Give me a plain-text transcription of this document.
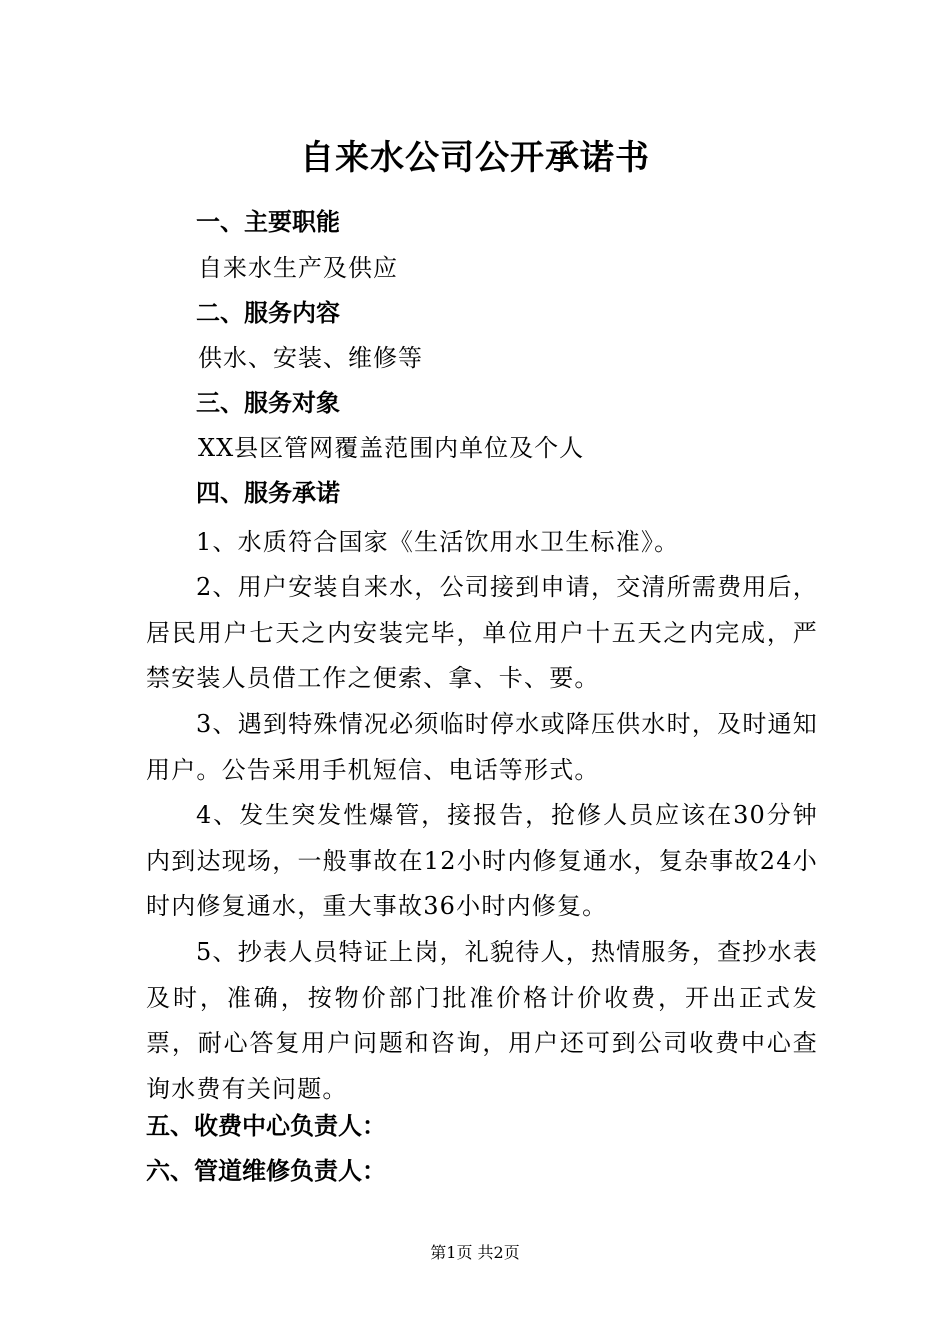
自来水公司公开承诺书
一、主要职能
自来水生产及供应
二、服务内容
供水、安装、维修等
三、服务对象
XX县区管网覆盖范围内单位及个人
四、服务承诺
1、水质符合国家《生活饮用水卫生标准》。
2、用户安装自来水，公司接到申请，交清所需费用后，居民用户七天之内安装完毕，单位用户十五天之内完成，严禁安装人员借工作之便索、拿、卡、要。
3、遇到特殊情况必须临时停水或降压供水时，及时通知用户。公告采用手机短信、电话等形式。
4、发生突发性爆管，接报告，抢修人员应该在30分钟内到达现场，一般事故在12小时内修复通水，复杂事故24小时内修复通水，重大事故36小时内修复。
5、抄表人员特证上岗，礼貌待人，热情服务，查抄水表及时，准确，按物价部门批准价格计价收费，开出正式发票，耐心答复用户问题和咨询，用户还可到公司收费中心查询水费有关问题。
五、收费中心负责人：
六、管道维修负责人：
第1页 共2页
